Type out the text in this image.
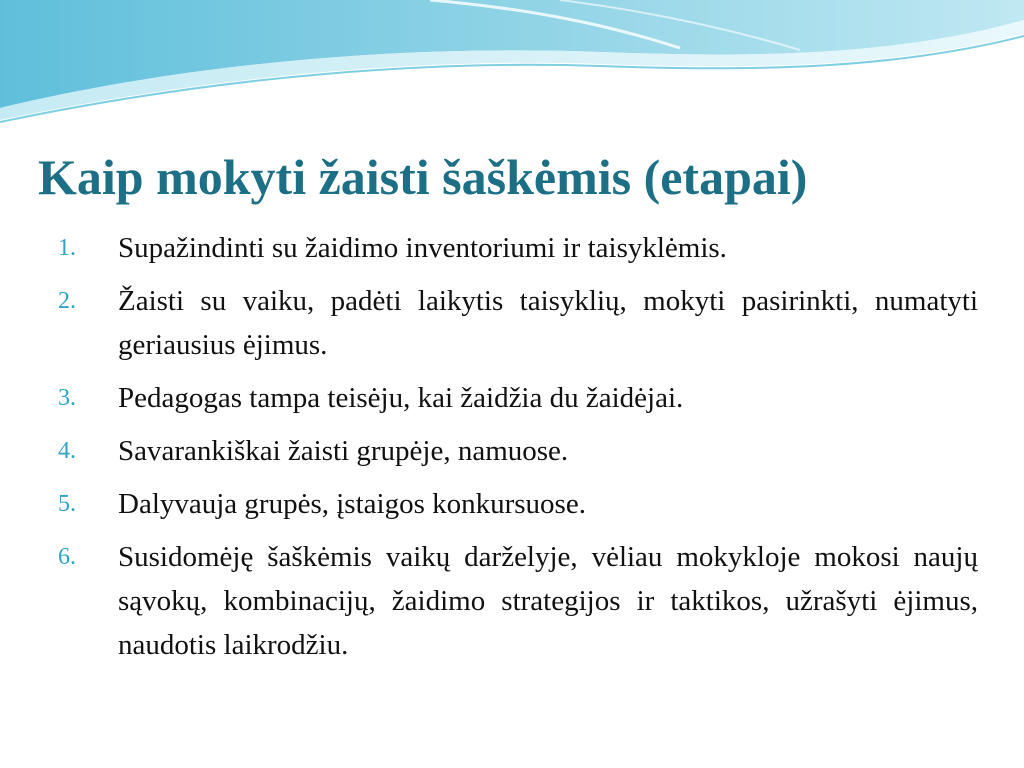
Kaip mokyti žaisti šaškėmis (etapai)
1.	Supažindinti su žaidimo inventoriumi ir taisyklėmis.
2.	Žaisti su vaiku, padėti laikytis taisyklių, mokyti pasirinkti, numatyti geriausius ėjimus.
3.	Pedagogas tampa teisėju, kai žaidžia du žaidėjai.
4.	Savarankiškai žaisti grupėje, namuose.
5.	Dalyvauja grupės, įstaigos konkursuose.
6.	Susidomėję šaškėmis vaikų darželyje, vėliau mokykloje mokosi naujų sąvokų, kombinacijų, žaidimo strategijos ir taktikos, užrašyti ėjimus, naudotis laikrodžiu.
